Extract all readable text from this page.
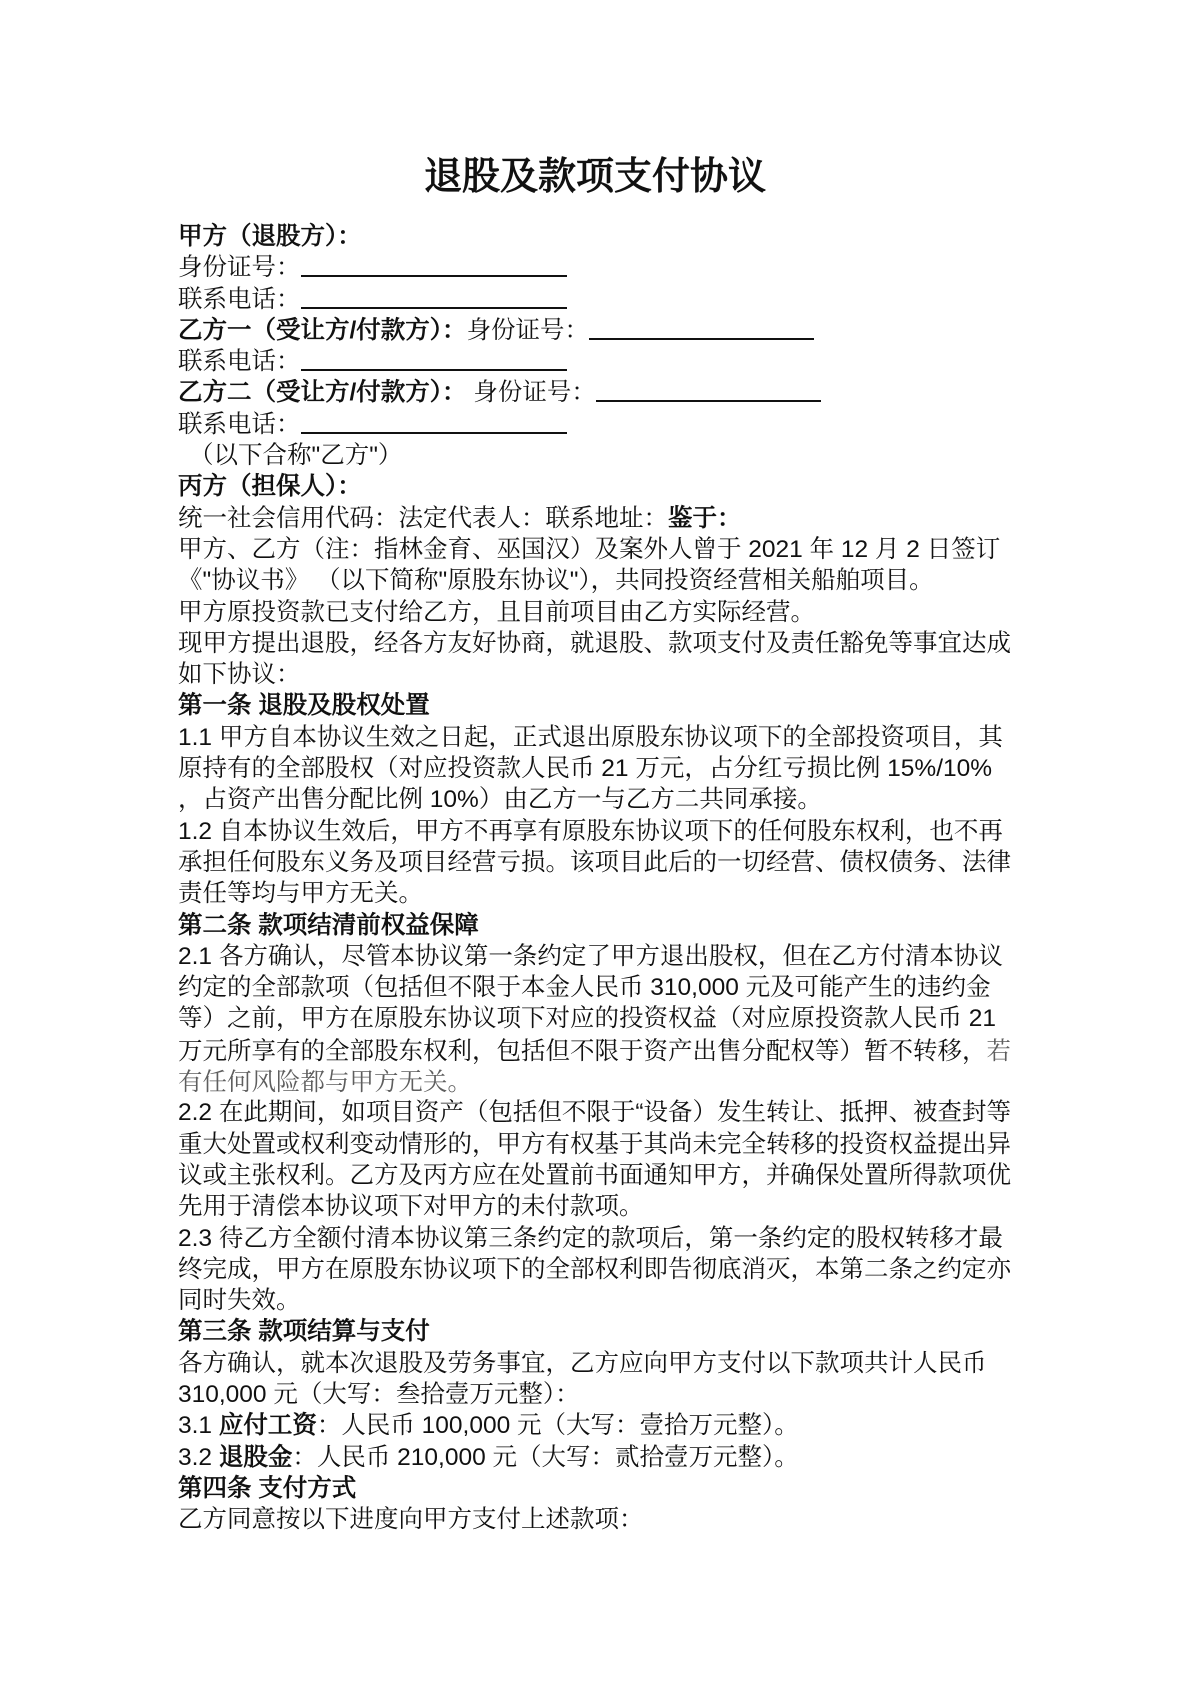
退股及款项支付协议
甲方（退股方）：
身份证号：
联系电话：
乙方一（受让方/付款方）：身份证号：
联系电话：
乙方二（受让方/付款方）： 身份证号：
联系电话：
（以下合称"乙方"）
丙方（担保人）：
统一社会信用代码：法定代表人：联系地址：鉴于：
甲方、乙方（注：指林金育、巫国汉）及案外人曾于 2021 年 12 月 2 日签订
《"协议书》 （以下简称"原股东协议"），共同投资经营相关船舶项目。
甲方原投资款已支付给乙方，且目前项目由乙方实际经营。
现甲方提出退股，经各方友好协商，就退股、款项支付及责任豁免等事宜达成
如下协议：
第一条 退股及股权处置
1.1 甲方自本协议生效之日起，正式退出原股东协议项下的全部投资项目，其
原持有的全部股权（对应投资款人民币 21 万元，占分红亏损比例 15%/10%
，占资产出售分配比例 10%）由乙方一与乙方二共同承接。
1.2 自本协议生效后，甲方不再享有原股东协议项下的任何股东权利，也不再
承担任何股东义务及项目经营亏损。该项目此后的一切经营、债权债务、法律
责任等均与甲方无关。
第二条 款项结清前权益保障
2.1 各方确认，尽管本协议第一条约定了甲方退出股权，但在乙方付清本协议
约定的全部款项（包括但不限于本金人民币 310,000 元及可能产生的违约金
等）之前，甲方在原股东协议项下对应的投资权益（对应原投资款人民币 21
万元所享有的全部股东权利，包括但不限于资产出售分配权等）暂不转移，若
有任何风险都与甲方无关。
2.2 在此期间，如项目资产（包括但不限于“设备）发生转让、抵押、被查封等
重大处置或权利变动情形的，甲方有权基于其尚未完全转移的投资权益提出异
议或主张权利。乙方及丙方应在处置前书面通知甲方，并确保处置所得款项优
先用于清偿本协议项下对甲方的未付款项。
2.3 待乙方全额付清本协议第三条约定的款项后，第一条约定的股权转移才最
终完成，甲方在原股东协议项下的全部权利即告彻底消灭，本第二条之约定亦
同时失效。
第三条 款项结算与支付
各方确认，就本次退股及劳务事宜，乙方应向甲方支付以下款项共计人民币
310,000 元（大写：叁拾壹万元整）：
3.1 应付工资：人民币 100,000 元（大写：壹拾万元整）。
3.2 退股金：人民币 210,000 元（大写：贰拾壹万元整）。
第四条 支付方式
乙方同意按以下进度向甲方支付上述款项：
